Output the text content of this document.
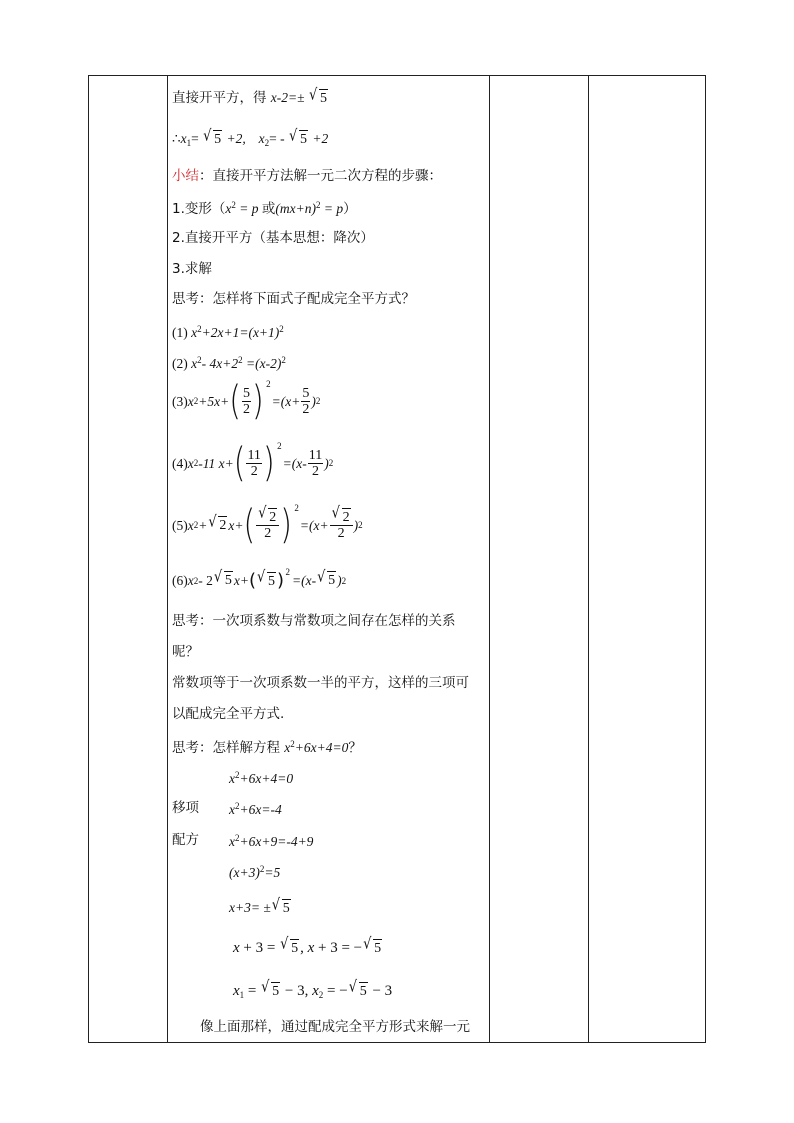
直接开平方，得 x-2=± √ 5
$\therefore x_1=$ √ 5 +2, $x_2=$ - √ 5 +2
小结：直接开平方法解一元二次方程的步骤：
1.变形（$x^2 = p$ 或$(mx+n)^2 = p$）
2.直接开平方（基本思想：降次）
3.求解
思考：怎样将下面式子配成完全平方式？
(1) $x^2+2x+1=(x+1)^2$
(2) $x^2-$ $4x+2^2 =(x-2)^2$
(3) x 2 +5x+ ( $\frac{5}{2}$ ) 2
$=(x+ \frac{5}{2}$ ) 2
(4) x 2 -11 x+ ( $\frac{11}{2}$ ) 2
$=(x- \frac{11}{2}$ ) 2
(5) x 2 + √ 2 x+ ( $\frac{√ 2}{2}$ ) 2
$=(x+ \frac{√ 2}{2}$ ) 2
(6) x 2 - 2 √ 5 x+ ( √ 5 ) 2
=(x- √ 5 ) 2
思考：一次项系数与常数项之间存在怎样的关系
呢？
常数项等于一次项系数一半的平方，这样的三项可
以配成完全平方式.
思考：怎样解方程 $x^2+6x+4=0$？
$x^2+6x+4=0$
移项 $x^2+6x=-4$
配方 $x^2+6x+9=-4+9$
$(x+3)^2=5$
x+3= ± √ 5
x + 3 = √ 5 , x + 3 = − √ 5
$x_1$ = √ 5 − 3, $x_2$ = − √ 5 − 3
像上面那样，通过配成完全平方形式来解一元
